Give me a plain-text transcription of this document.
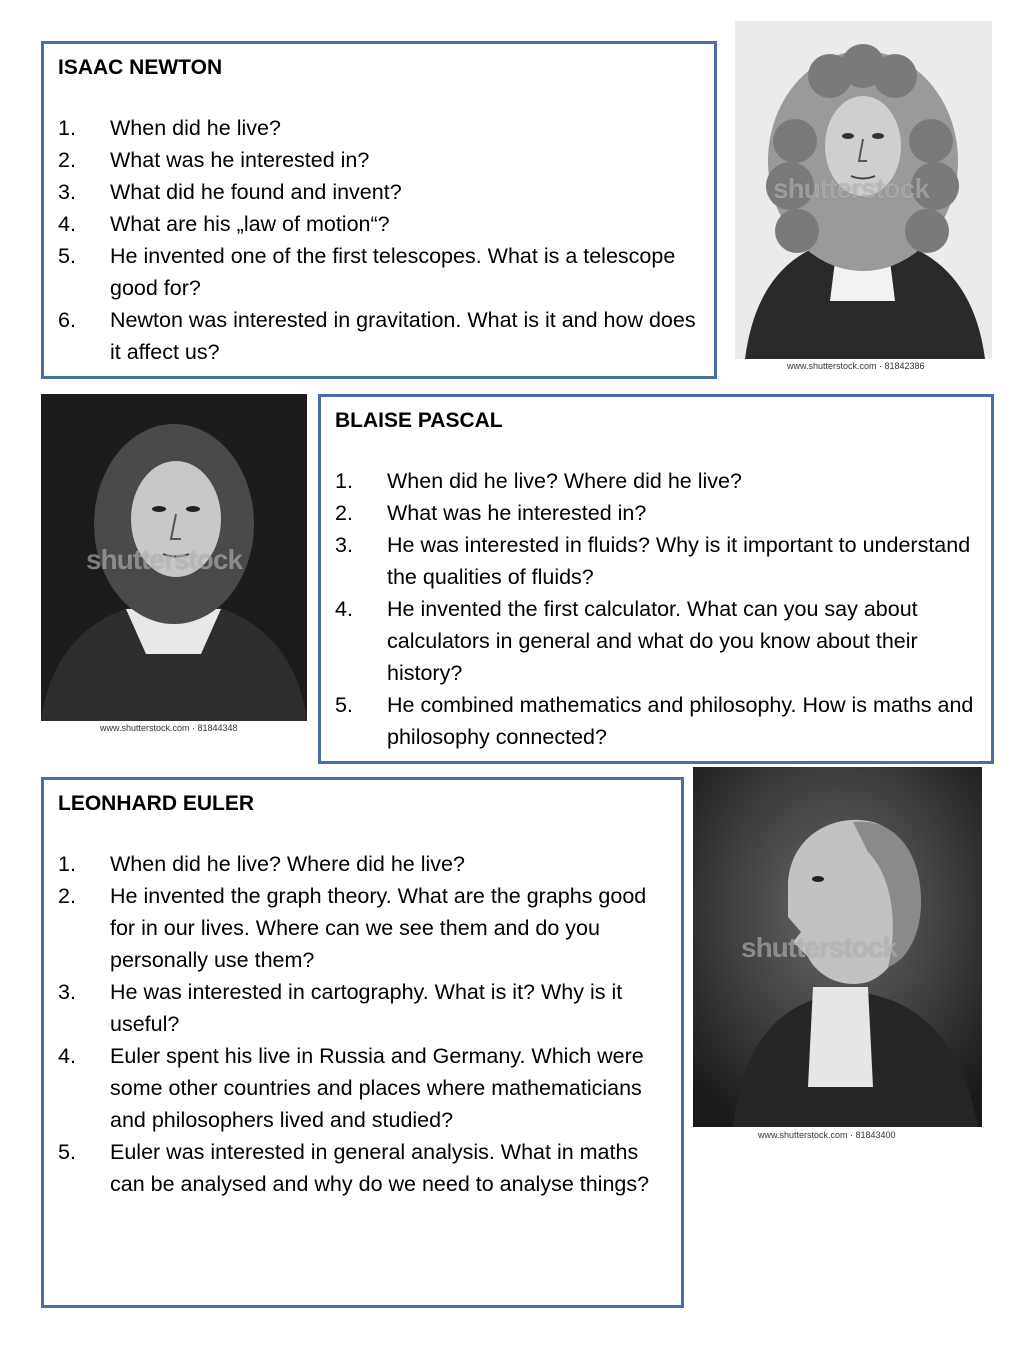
ISAAC NEWTON
1. When did he live?
2. What was he interested in?
3. What did he found and invent?
4. What are his „law of motion“?
5. He invented one of the first telescopes. What is a telescope good for?
6. Newton was interested in gravitation. What is it and how does it affect us?
shutterstock
www.shutterstock.com · 81842386
shutterstock
www.shutterstock.com · 81844348
BLAISE PASCAL
1. When did he live? Where did he live?
2. What was he interested in?
3. He was interested in fluids? Why is it important to understand the qualities of fluids?
4. He invented the first calculator. What can you say about calculators in general and what do you know about their history?
5. He combined mathematics and philosophy. How is maths and philosophy connected?
LEONHARD EULER
1. When did he live? Where did he live?
2. He invented the graph theory. What are the graphs good for in our lives. Where can we see them and do you personally use them?
3. He was interested in cartography. What is it? Why is it useful?
4. Euler spent his live in Russia and Germany. Which were some other countries and places where mathematicians and philosophers lived and studied?
5. Euler was interested in general analysis. What in maths can be analysed and why do we need to analyse things?
shutterstock
www.shutterstock.com · 81843400
